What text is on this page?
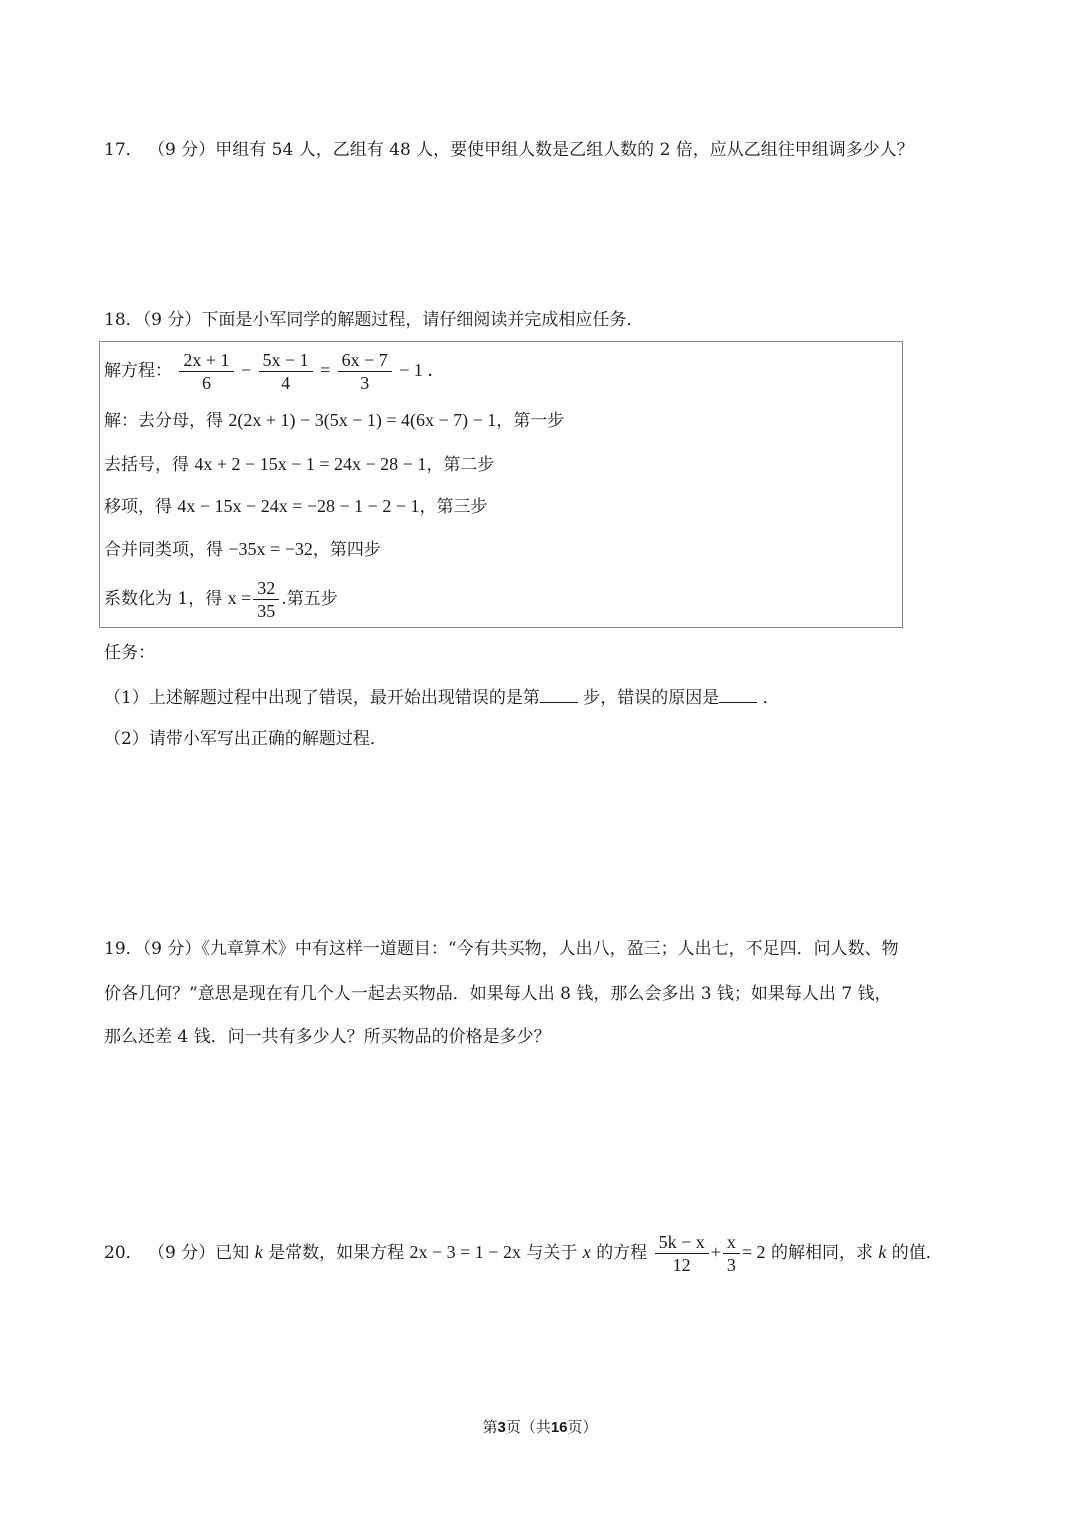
17． （9 分）甲组有 54 人，乙组有 48 人，要使甲组人数是乙组人数的 2 倍，应从乙组往甲组调多少人？
18．（9 分）下面是小军同学的解题过程，请仔细阅读并完成相应任务．
解方程： $\frac{2x + 1}{6} - \frac{5x - 1}{4} = \frac{6x - 7}{3} - 1$ ．
解：去分母，得 2(2x + 1) − 3(5x − 1) = 4(6x − 7) − 1，第一步
去括号，得 4x + 2 − 15x − 1 = 24x − 28 − 1，第二步
移项，得 4x − 15x − 24x = −28 − 1 − 2 − 1，第三步
合并同类项，得 −35x = −32，第四步
系数化为 1，得 $x = \frac{32}{35}$ .第五步
任务：
（1）上述解题过程中出现了错误，最开始出现错误的是第	步，错误的原因是	．
（2）请带小军写出正确的解题过程．
19．（9 分）《九章算术》中有这样一道题目：“今有共买物，人出八，盈三；人出七，不足四．问人数、物
价各几何？”意思是现在有几个人一起去买物品．如果每人出 8 钱，那么会多出 3 钱；如果每人出 7 钱，
那么还差 4 钱．问一共有多少人？所买物品的价格是多少？
20． （9 分）已知 k 是常数，如果方程 2x − 3 = 1 − 2x 与关于 x 的方程 $\frac{5k - x}{12} + \frac{x}{3} = 2$ 的解相同，求 k 的值．
第3页（共16页）
